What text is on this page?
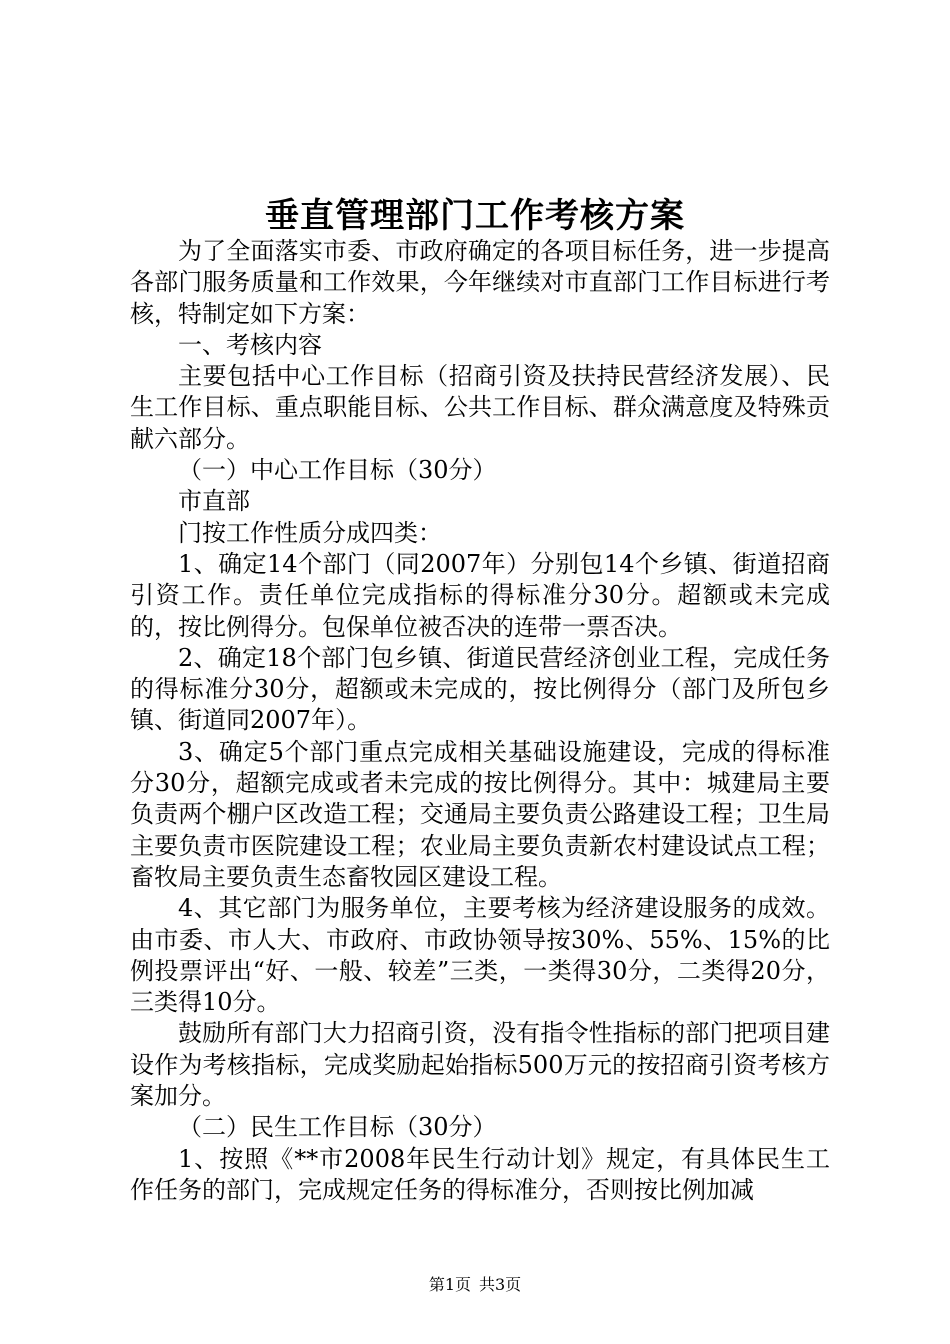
垂直管理部门工作考核方案

为了全面落实市委、市政府确定的各项目标任务，进一步提高各部门服务质量和工作效果，今年继续对市直部门工作目标进行考核，特制定如下方案：

一、考核内容

主要包括中心工作目标（招商引资及扶持民营经济发展）、民生工作目标、重点职能目标、公共工作目标、群众满意度及特殊贡献六部分。

（一）中心工作目标（30分）

市直部

门按工作性质分成四类：

1、确定14个部门（同2007年）分别包14个乡镇、街道招商引资工作。责任单位完成指标的得标准分30分。超额或未完成的，按比例得分。包保单位被否决的连带一票否决。

2、确定18个部门包乡镇、街道民营经济创业工程，完成任务的得标准分30分，超额或未完成的，按比例得分（部门及所包乡镇、街道同2007年）。

3、确定5个部门重点完成相关基础设施建设，完成的得标准分30分，超额完成或者未完成的按比例得分。其中：城建局主要负责两个棚户区改造工程；交通局主要负责公路建设工程；卫生局主要负责市医院建设工程；农业局主要负责新农村建设试点工程；畜牧局主要负责生态畜牧园区建设工程。

4、其它部门为服务单位，主要考核为经济建设服务的成效。由市委、市人大、市政府、市政协领导按30%、55%、15%的比例投票评出“好、一般、较差”三类，一类得30分，二类得20分，三类得10分。

鼓励所有部门大力招商引资，没有指令性指标的部门把项目建设作为考核指标，完成奖励起始指标500万元的按招商引资考核方案加分。

（二）民生工作目标（30分）

1、按照《**市2008年民生行动计划》规定，有具体民生工作任务的部门，完成规定任务的得标准分，否则按比例加减

第1页 共3页
